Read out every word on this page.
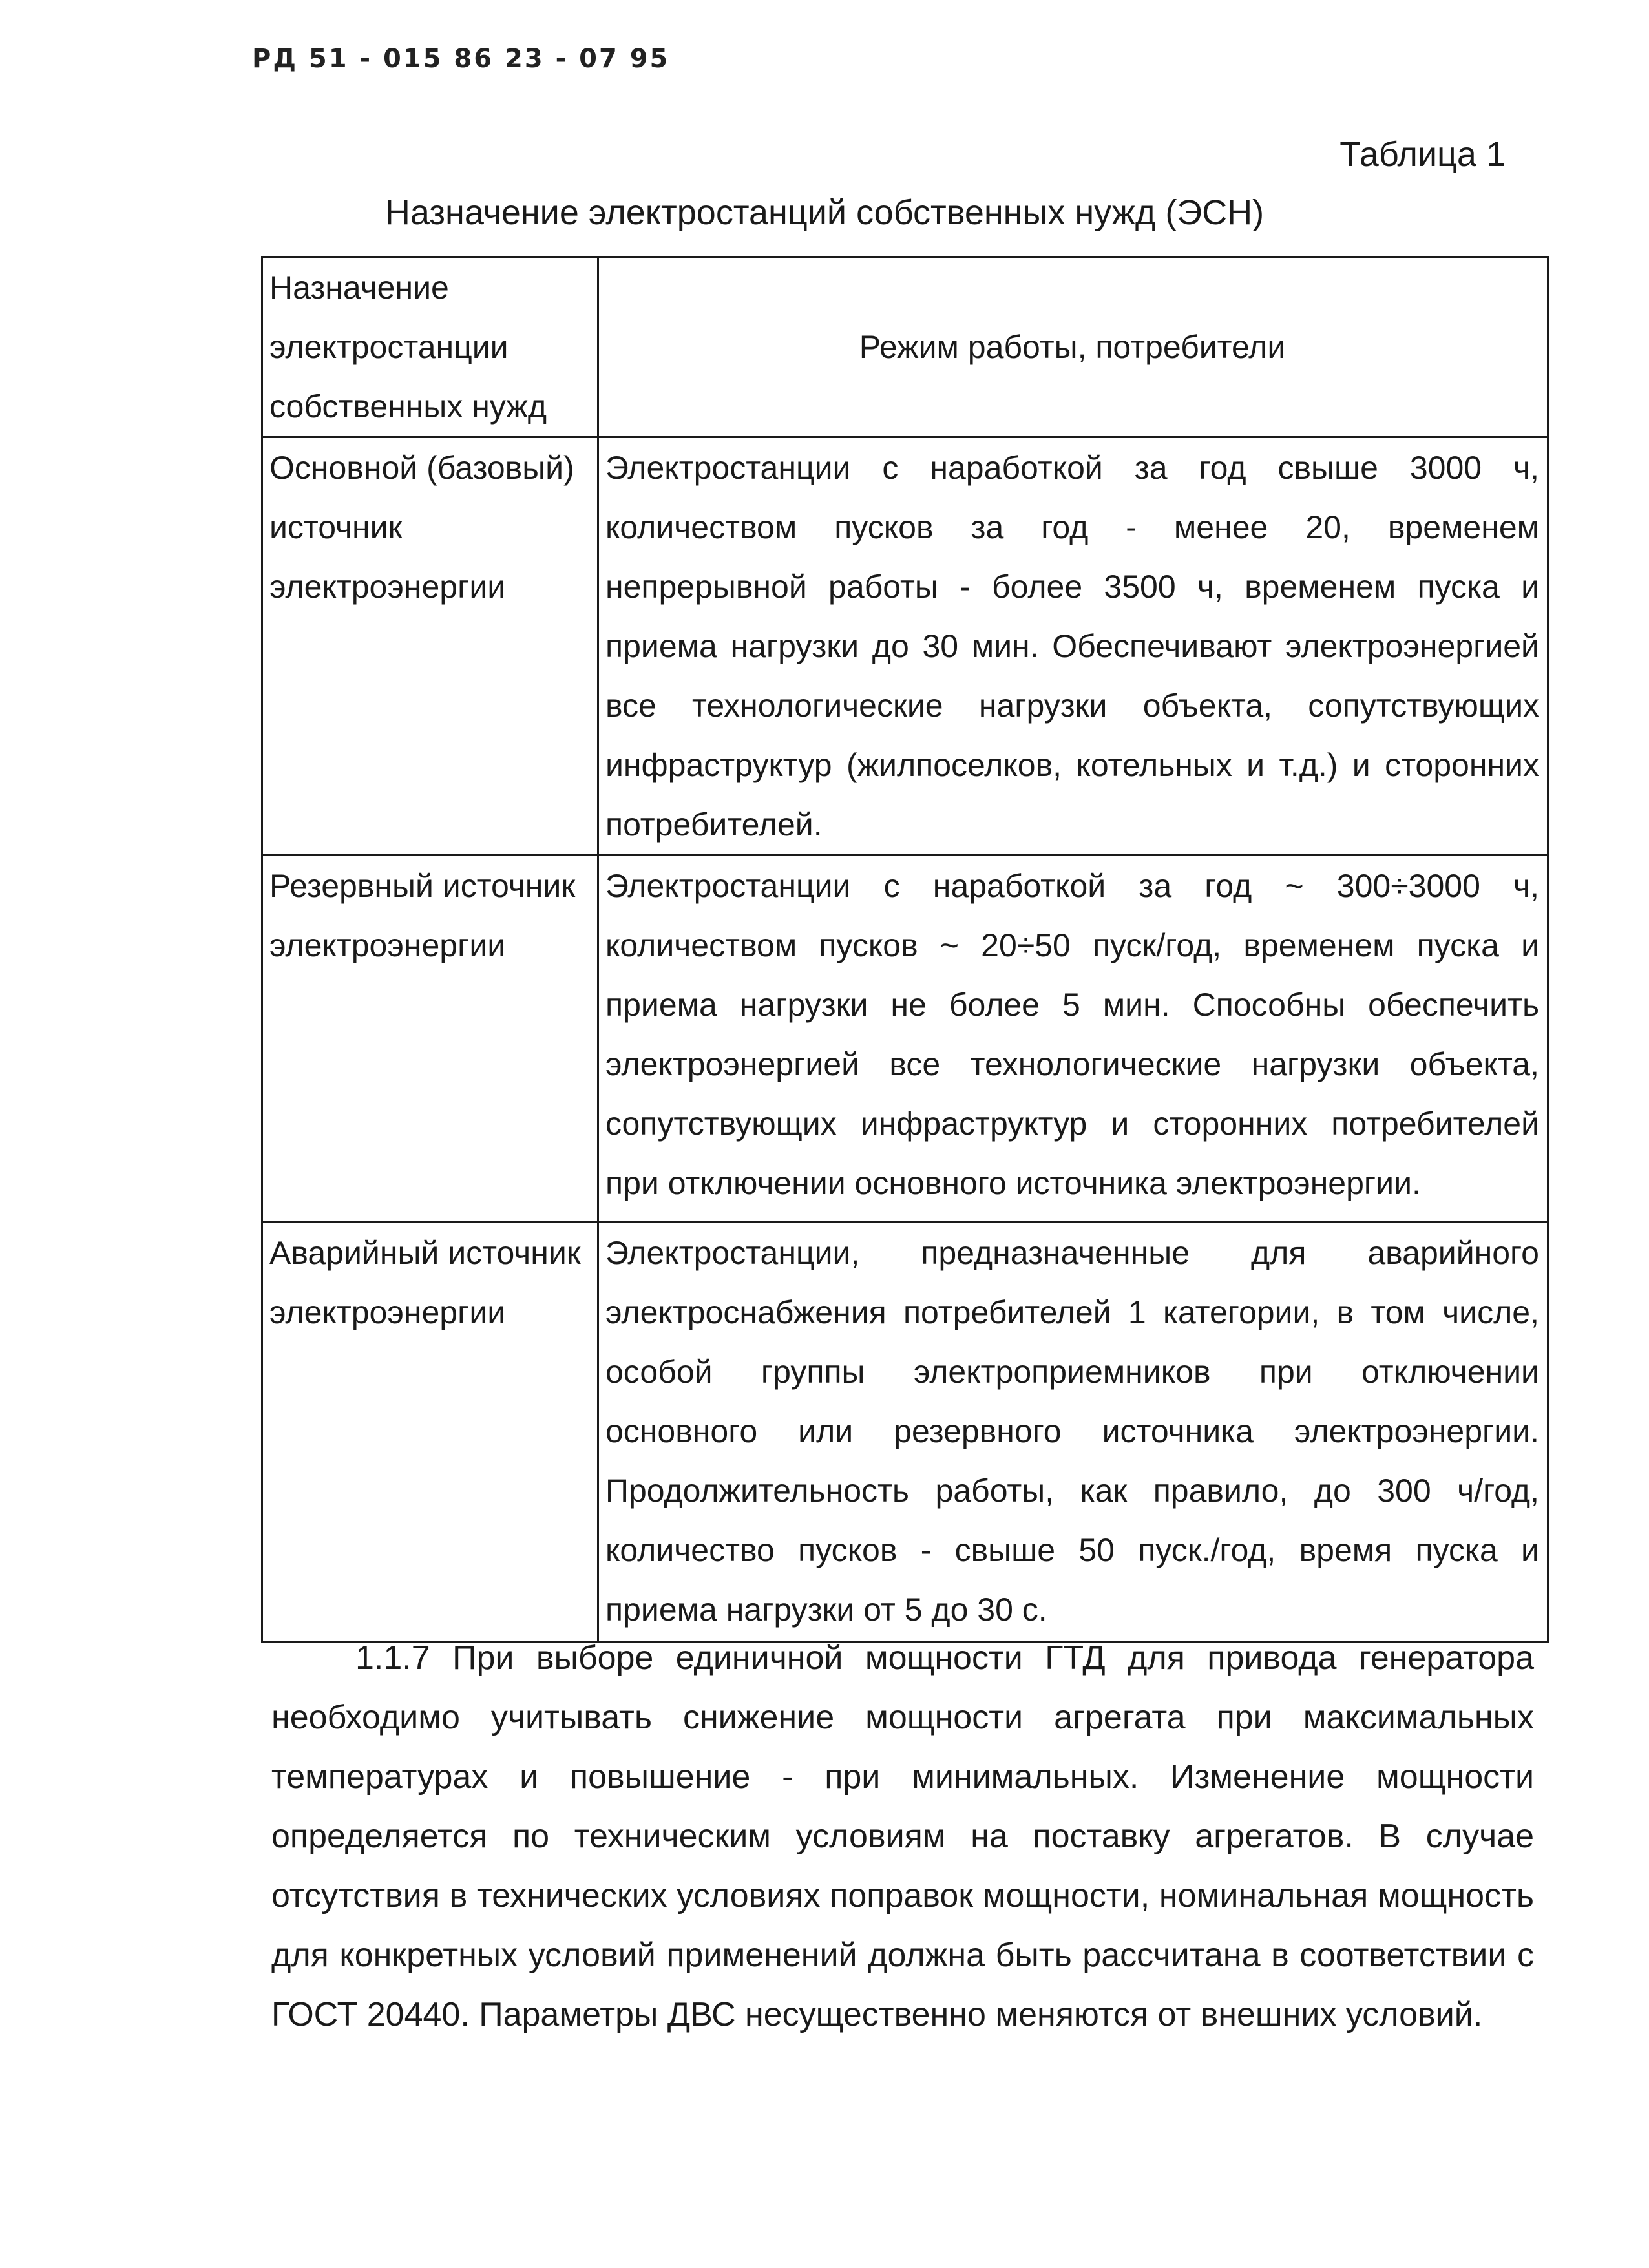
РД 51 - 015 86 23 - 07 95
Таблица 1
Назначение электростанций собственных нужд (ЭСН)
Назначение электростанции собственных нужд	Режим работы, потребители
Основной (базовый) источник электроэнергии	Электростанции с наработкой за год свыше 3000 ч, количеством пусков за год - менее 20, временем непрерывной работы - более 3500 ч, временем пуска и приема нагрузки до 30 мин. Обеспечивают электроэнергией все технологические нагрузки объекта, сопутствующих инфраструктур (жилпоселков, котельных и т.д.) и сторонних потребителей.
Резервный источник электроэнергии	Электростанции с наработкой за год ~ 300÷3000 ч, количеством пусков ~ 20÷50 пуск/год, временем пуска и приема нагрузки не более 5 мин. Способны обеспечить электроэнергией все технологические нагрузки объекта, сопутствующих инфраструктур и сторонних потребителей при отключении основного источника электроэнергии.
Аварийный источник электроэнергии	Электростанции, предназначенные для аварийного электроснабжения потребителей 1 категории, в том числе, особой группы электроприемников при отключении основного или резервного источника электроэнергии. Продолжительность работы, как правило, до 300 ч/год, количество пусков - свыше 50 пуск./год, время пуска и приема нагрузки от 5 до 30 с.
1.1.7 При выборе единичной мощности ГТД для привода генератора необходимо учитывать снижение мощности агрегата при максимальных температурах и повышение - при минимальных. Изменение мощности определяется по техническим условиям на поставку агрегатов. В случае отсутствия в технических условиях поправок мощности, номинальная мощность для конкретных условий применений должна быть рассчитана в соответствии с ГОСТ 20440. Параметры ДВС несущественно меняются от внешних условий.
